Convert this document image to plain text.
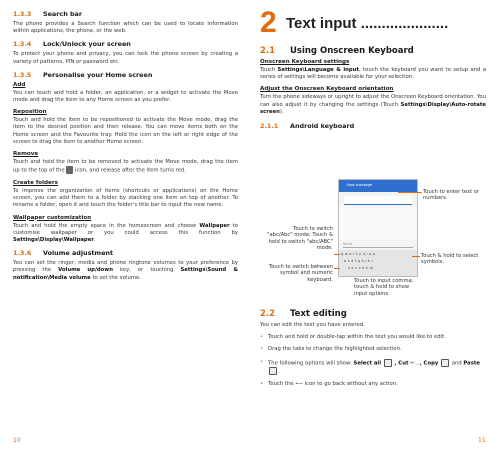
1.3.3 Search bar

The phone provides a Search function which can be used to locate information within applications, the phone, or the web.

1.3.4 Lock/Unlock your screen

To protect your phone and privacy, you can lock the phone screen by creating a variety of patterns, PIN or password etc.

1.3.5 Personalise your Home screen
Add

You can touch and hold a folder, an application, or a widget to activate the Move mode and drag the item to any Home screen as you prefer.

Reposition

Touch and hold the item to be repositioned to activate the Move mode, drag the item to the desired position and then release. You can move items both on the Home screen and the Favourite tray. Hold the icon on the left or right edge of the screen to drag the item to another Home screen.

Remove

Touch and hold the item to be removed to activate the Move mode, drag the item up to the top of the icon, and release after the item turns red.

Create folders

To improve the organization of items (shortcuts or applications) on the Home screen, you can add them to a folder by stacking one item on top of another. To rename a folder, open it and touch the folder's title bar to input the new name.

Wallpaper customization

Touch and hold the empty space in the homescreen and choose Wallpaper to customise wallpaper or you could access this function by Settings\Display\Wallpaper.

1.3.6 Volume adjustment

You can set the ringer, media and phone ringtone volumes to your preference by pressing the Volume up/down key, or touching Settings\Sound & notification\Media volume to set the volume.

10
2 Text input .....................
2.1 Using Onscreen Keyboard
Onscreen Keyboard settings

Touch Settings\Language & input, touch the keyboard you want to setup and a series of settings will become available for your selection.

Adjust the Onscreen Keyboard orientation

Turn the phone sideways or upright to adjust the Onscreen Keyboard orientation. You can also adjust it by changing the settings (Touch Settings\Display\Auto-rotate screen).

2.1.1 Android keyboard
New message
Send
qwertyuiop
asdfghjkl
zxcvbnm
Touch to enter text or numbers.
Touch to switch "abc/Abc" mode; Touch & hold to switch "abc/ABC" mode.
Touch to switch between symbol and numeric keyboard.
Touch & hold to select symbols.
Touch to input comma; touch & hold to show input options.
2.2 Text editing

You can edit the text you have entered.

• Touch and hold or double-tap within the text you would like to edit.
• Drag the tabs to change the highlighted selection.
• The following options will show: Select all	, Cut ✂ , , Copy	and Paste .
• Touch the ⟵ icon to go back without any action.
11
